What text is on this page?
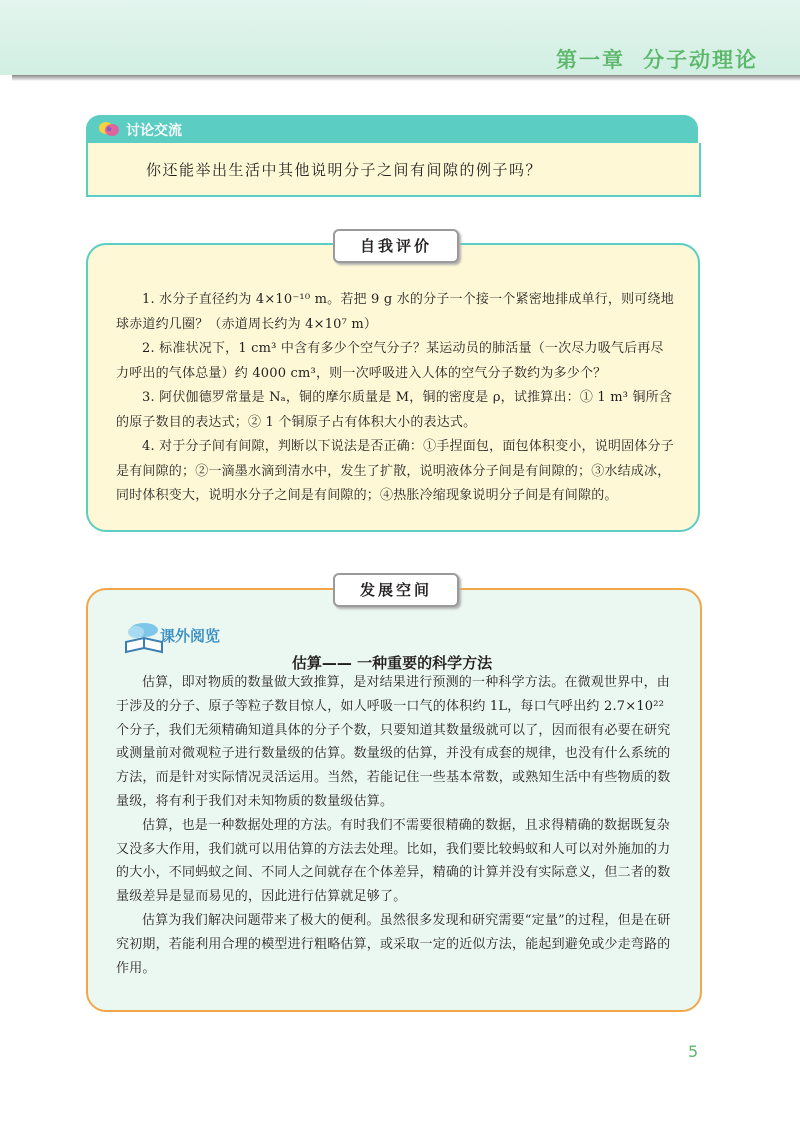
第一章 分子动理论
讨论交流
你还能举出生活中其他说明分子之间有间隙的例子吗？
自我评价

1. 水分子直径约为 4×10⁻¹⁰ m。若把 9 g 水的分子一个接一个紧密地排成单行，则可绕地球赤道约几圈？（赤道周长约为 4×10⁷ m）

2. 标准状况下，1 cm³ 中含有多少个空气分子？某运动员的肺活量（一次尽力吸气后再尽力呼出的气体总量）约 4000 cm³，则一次呼吸进入人体的空气分子数约为多少个？

3. 阿伏伽德罗常量是 Nₐ，铜的摩尔质量是 M，铜的密度是 ρ，试推算出：① 1 m³ 铜所含的原子数目的表达式；② 1 个铜原子占有体积大小的表达式。

4. 对于分子间有间隙，判断以下说法是否正确：①手捏面包，面包体积变小，说明固体分子是有间隙的；②一滴墨水滴到清水中，发生了扩散，说明液体分子间是有间隙的；③水结成冰，同时体积变大，说明水分子之间是有间隙的；④热胀冷缩现象说明分子间是有间隙的。

发展空间
课外阅览
估算—— 一种重要的科学方法

估算，即对物质的数量做大致推算，是对结果进行预测的一种科学方法。在微观世界中，由于涉及的分子、原子等粒子数目惊人，如人呼吸一口气的体积约 1L，每口气呼出约 2.7×10²² 个分子，我们无须精确知道具体的分子个数，只要知道其数量级就可以了，因而很有必要在研究或测量前对微观粒子进行数量级的估算。数量级的估算，并没有成套的规律，也没有什么系统的方法，而是针对实际情况灵活运用。当然，若能记住一些基本常数，或熟知生活中有些物质的数量级，将有利于我们对未知物质的数量级估算。

估算，也是一种数据处理的方法。有时我们不需要很精确的数据，且求得精确的数据既复杂又没多大作用，我们就可以用估算的方法去处理。比如，我们要比较蚂蚁和人可以对外施加的力的大小，不同蚂蚁之间、不同人之间就存在个体差异，精确的计算并没有实际意义，但二者的数量级差异是显而易见的，因此进行估算就足够了。

估算为我们解决问题带来了极大的便利。虽然很多发现和研究需要“定量”的过程，但是在研究初期，若能利用合理的模型进行粗略估算，或采取一定的近似方法，能起到避免或少走弯路的作用。

5
